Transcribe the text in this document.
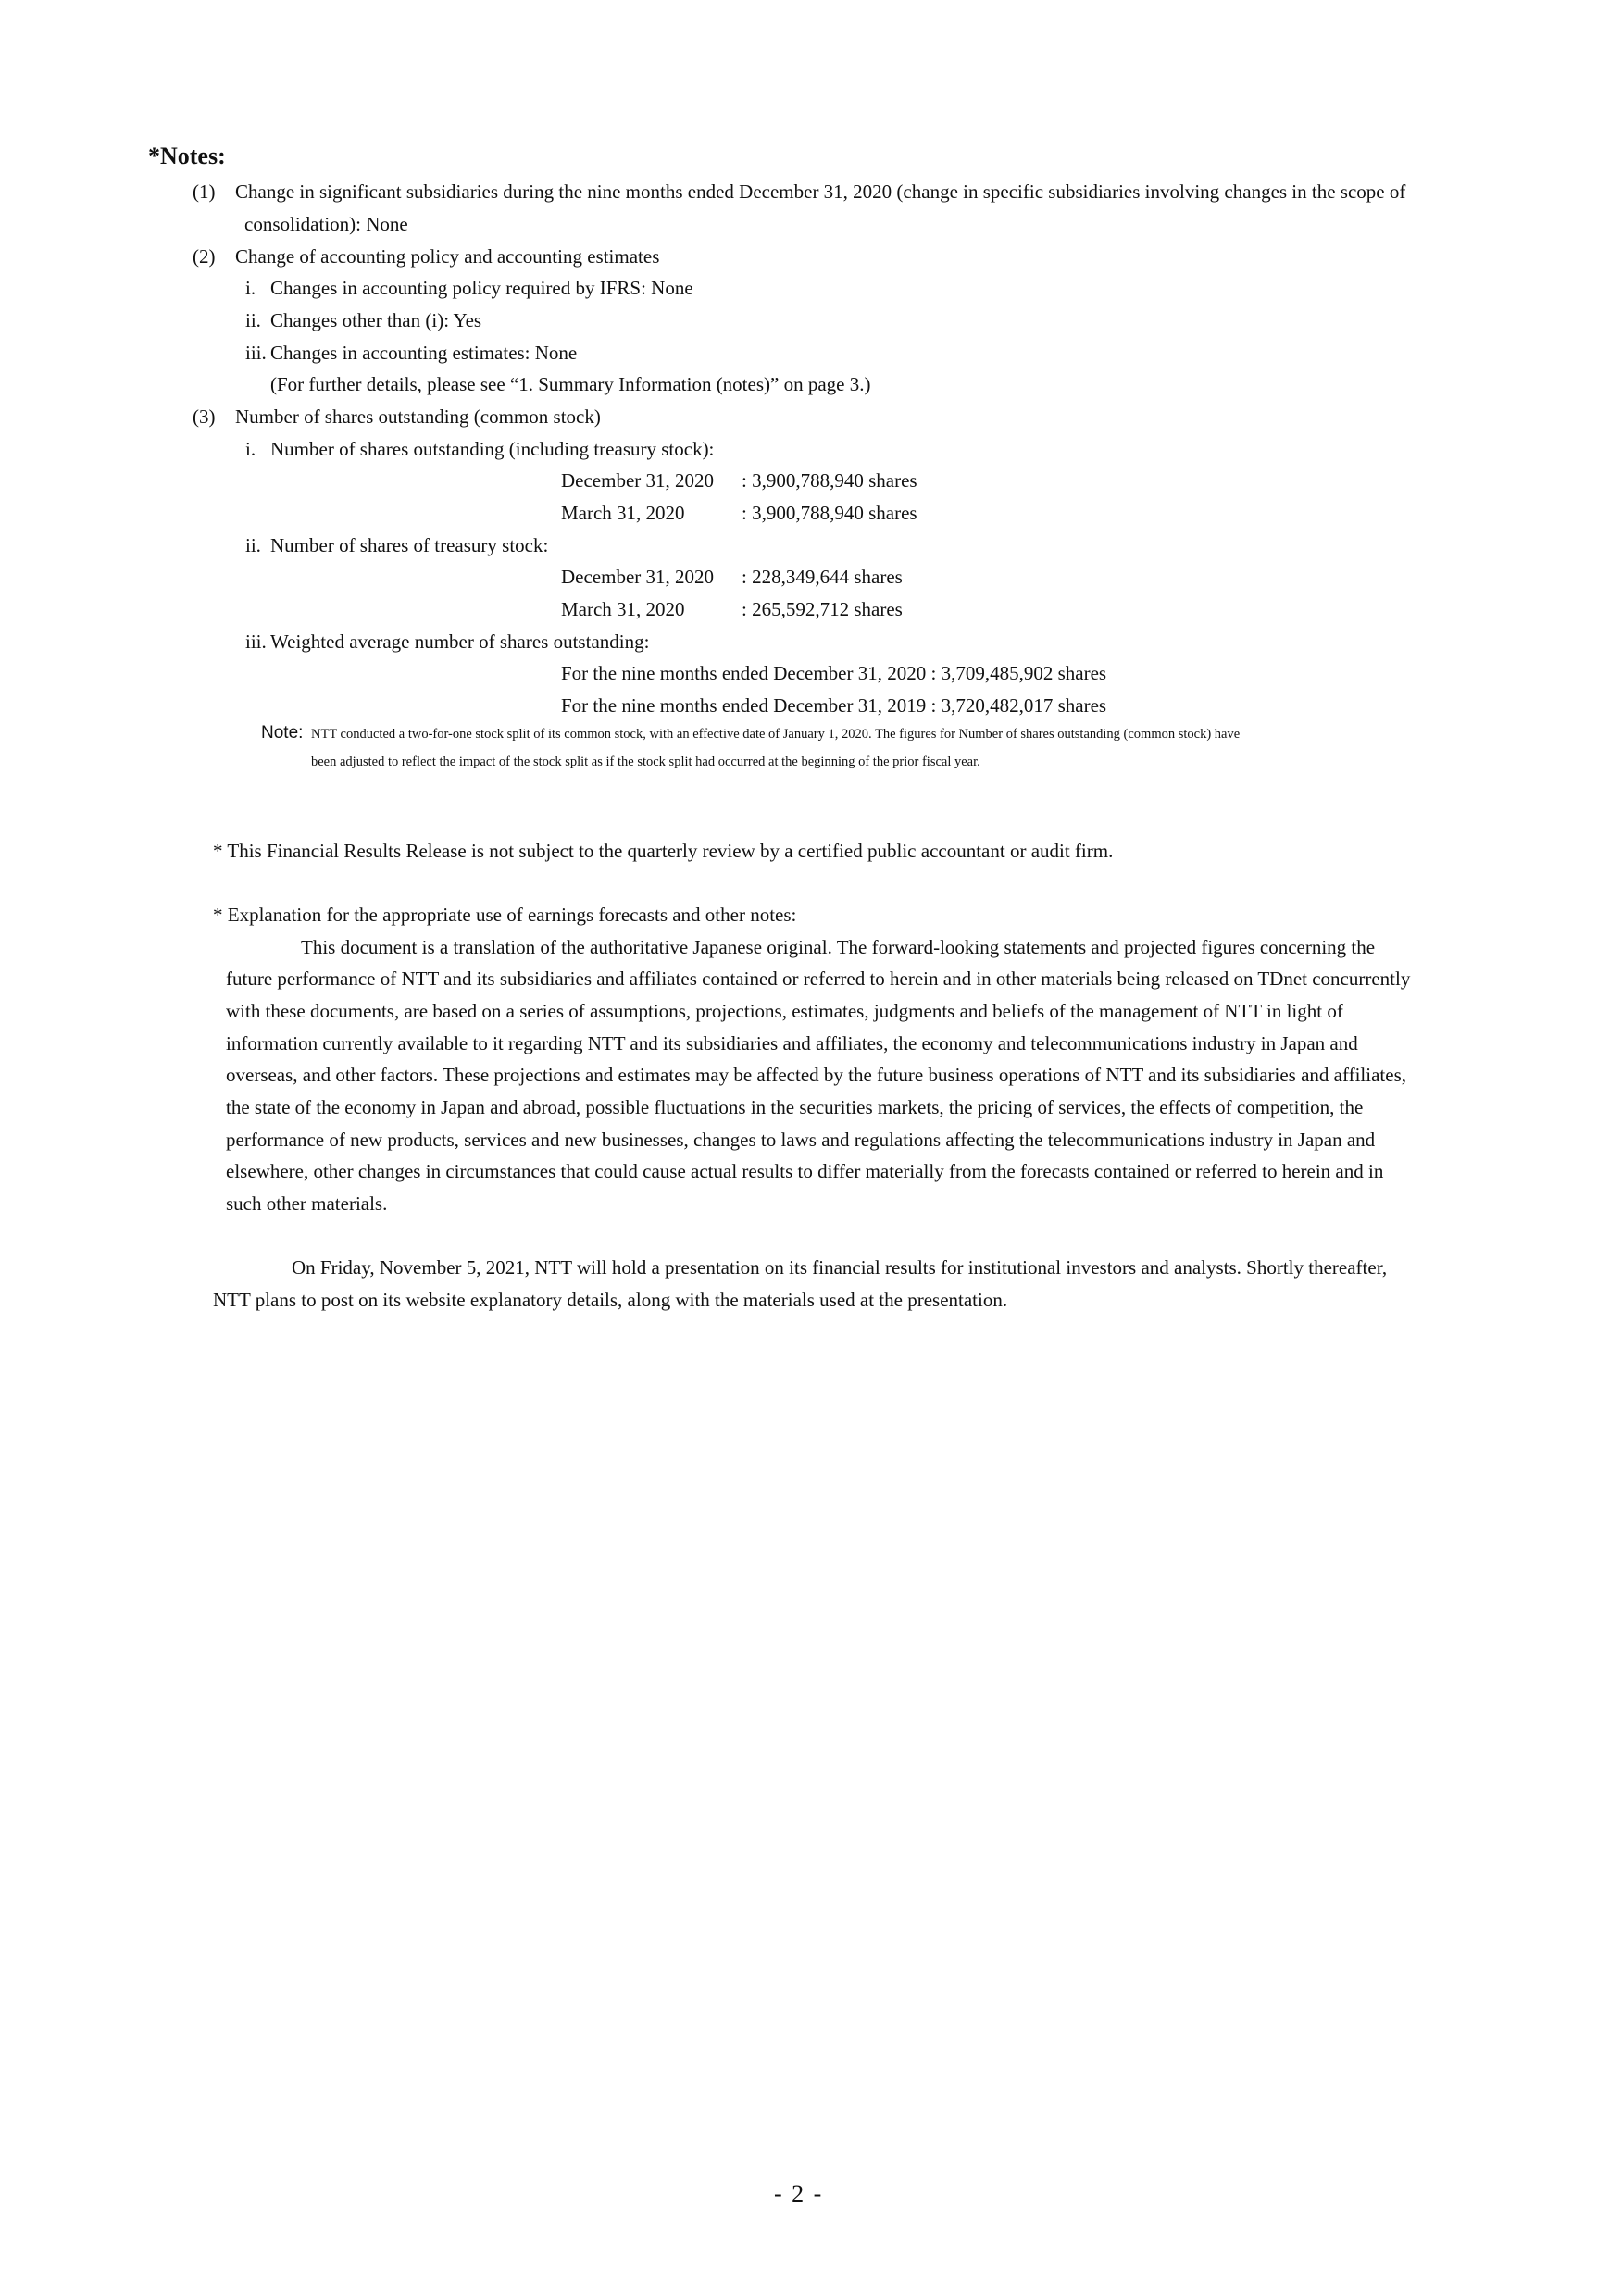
*Notes:
(1) Change in significant subsidiaries during the nine months ended December 31, 2020 (change in specific subsidiaries involving changes in the scope of
consolidation): None
(2) Change of accounting policy and accounting estimates
i. Changes in accounting policy required by IFRS: None
ii. Changes other than (i): Yes
iii. Changes in accounting estimates: None
(For further details, please see “1. Summary Information (notes)” on page 3.)
(3) Number of shares outstanding (common stock)
i. Number of shares outstanding (including treasury stock):
December 31, 2020 : 3,900,788,940 shares
March 31, 2020	: 3,900,788,940 shares
ii. Number of shares of treasury stock:
December 31, 2020 : 228,349,644 shares
March 31, 2020	: 265,592,712 shares
iii. Weighted average number of shares outstanding:
For the nine months ended December 31, 2020 : 3,709,485,902 shares
For the nine months ended December 31, 2019 : 3,720,482,017 shares
Note: NTT conducted a two-for-one stock split of its common stock, with an effective date of January 1, 2020. The figures for Number of shares outstanding (common stock) have
been adjusted to reflect the impact of the stock split as if the stock split had occurred at the beginning of the prior fiscal year.
* This Financial Results Release is not subject to the quarterly review by a certified public accountant or audit firm.
* Explanation for the appropriate use of earnings forecasts and other notes:
This document is a translation of the authoritative Japanese original. The forward-looking statements and projected figures concerning the
future performance of NTT and its subsidiaries and affiliates contained or referred to herein and in other materials being released on TDnet concurrently
with these documents, are based on a series of assumptions, projections, estimates, judgments and beliefs of the management of NTT in light of
information currently available to it regarding NTT and its subsidiaries and affiliates, the economy and telecommunications industry in Japan and
overseas, and other factors. These projections and estimates may be affected by the future business operations of NTT and its subsidiaries and affiliates,
the state of the economy in Japan and abroad, possible fluctuations in the securities markets, the pricing of services, the effects of competition, the
performance of new products, services and new businesses, changes to laws and regulations affecting the telecommunications industry in Japan and
elsewhere, other changes in circumstances that could cause actual results to differ materially from the forecasts contained or referred to herein and in
such other materials.
On Friday, November 5, 2021, NTT will hold a presentation on its financial results for institutional investors and analysts. Shortly thereafter,
NTT plans to post on its website explanatory details, along with the materials used at the presentation.
- 2 -
